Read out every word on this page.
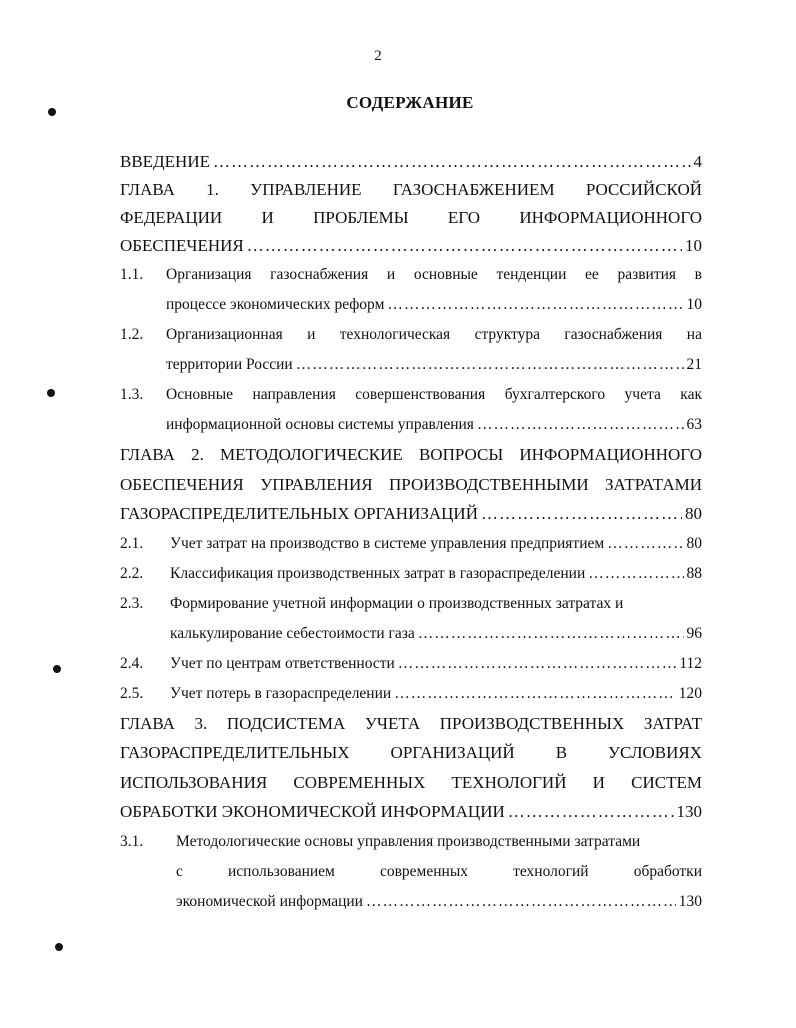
2
СОДЕРЖАНИЕ
ВВЕДЕНИЕ …………………………………………………………………………………………………………………………………………………………………………………	4
ГЛАВА 1. УПРАВЛЕНИЕ ГАЗОСНАБЖЕНИЕМ РОССИЙСКОЙ
ФЕДЕРАЦИИ И ПРОБЛЕМЫ ЕГО ИНФОРМАЦИОННОГО
ОБЕСПЕЧЕНИЯ …………………………………………………………………………………………………………………………………………………………………………………	10
1.1. Организация газоснабжения и основные тенденции ее развития в
процессе экономических реформ …………………………………………………………………………………………………………………………………………………………………………………	10
1.2. Организационная и технологическая структура газоснабжения на
территории России …………………………………………………………………………………………………………………………………………………………………………………	21
1.3. Основные направления совершенствования бухгалтерского учета как
информационной основы системы управления …………………………………………………………………………………………………………………………………………………………………………………	63
ГЛАВА 2. МЕТОДОЛОГИЧЕСКИЕ ВОПРОСЫ ИНФОРМАЦИОННОГО
ОБЕСПЕЧЕНИЯ УПРАВЛЕНИЯ ПРОИЗВОДСТВЕННЫМИ ЗАТРАТАМИ
ГАЗОРАСПРЕДЕЛИТЕЛЬНЫХ ОРГАНИЗАЦИЙ …………………………………………………………………………………………………………………………………………………………………………………	80
2.1.	Учет затрат на производство в системе управления предприятием …………………………………………………………………………………………………………………………………………………………………………………	80
2.2.	Классификация производственных затрат в газораспределении …………………………………………………………………………………………………………………………………………………………………………………	88
2.3.	Формирование учетной информации о производственных затратах и
калькулирование себестоимости газа …………………………………………………………………………………………………………………………………………………………………………………	96
2.4.	Учет по центрам ответственности …………………………………………………………………………………………………………………………………………………………………………………	112
2.5.	Учет потерь в газораспределении …………………………………………………………………………………………………………………………………………………………………………………	120
ГЛАВА 3. ПОДСИСТЕМА УЧЕТА ПРОИЗВОДСТВЕННЫХ ЗАТРАТ
ГАЗОРАСПРЕДЕЛИТЕЛЬНЫХ ОРГАНИЗАЦИЙ В УСЛОВИЯХ
ИСПОЛЬЗОВАНИЯ СОВРЕМЕННЫХ ТЕХНОЛОГИЙ И СИСТЕМ
ОБРАБОТКИ ЭКОНОМИЧЕСКОЙ ИНФОРМАЦИИ …………………………………………………………………………………………………………………………………………………………………………………	130
3.1.	Методологические основы управления производственными затратами
с использованием современных технологий обработки
экономической информации …………………………………………………………………………………………………………………………………………………………………………………	130
